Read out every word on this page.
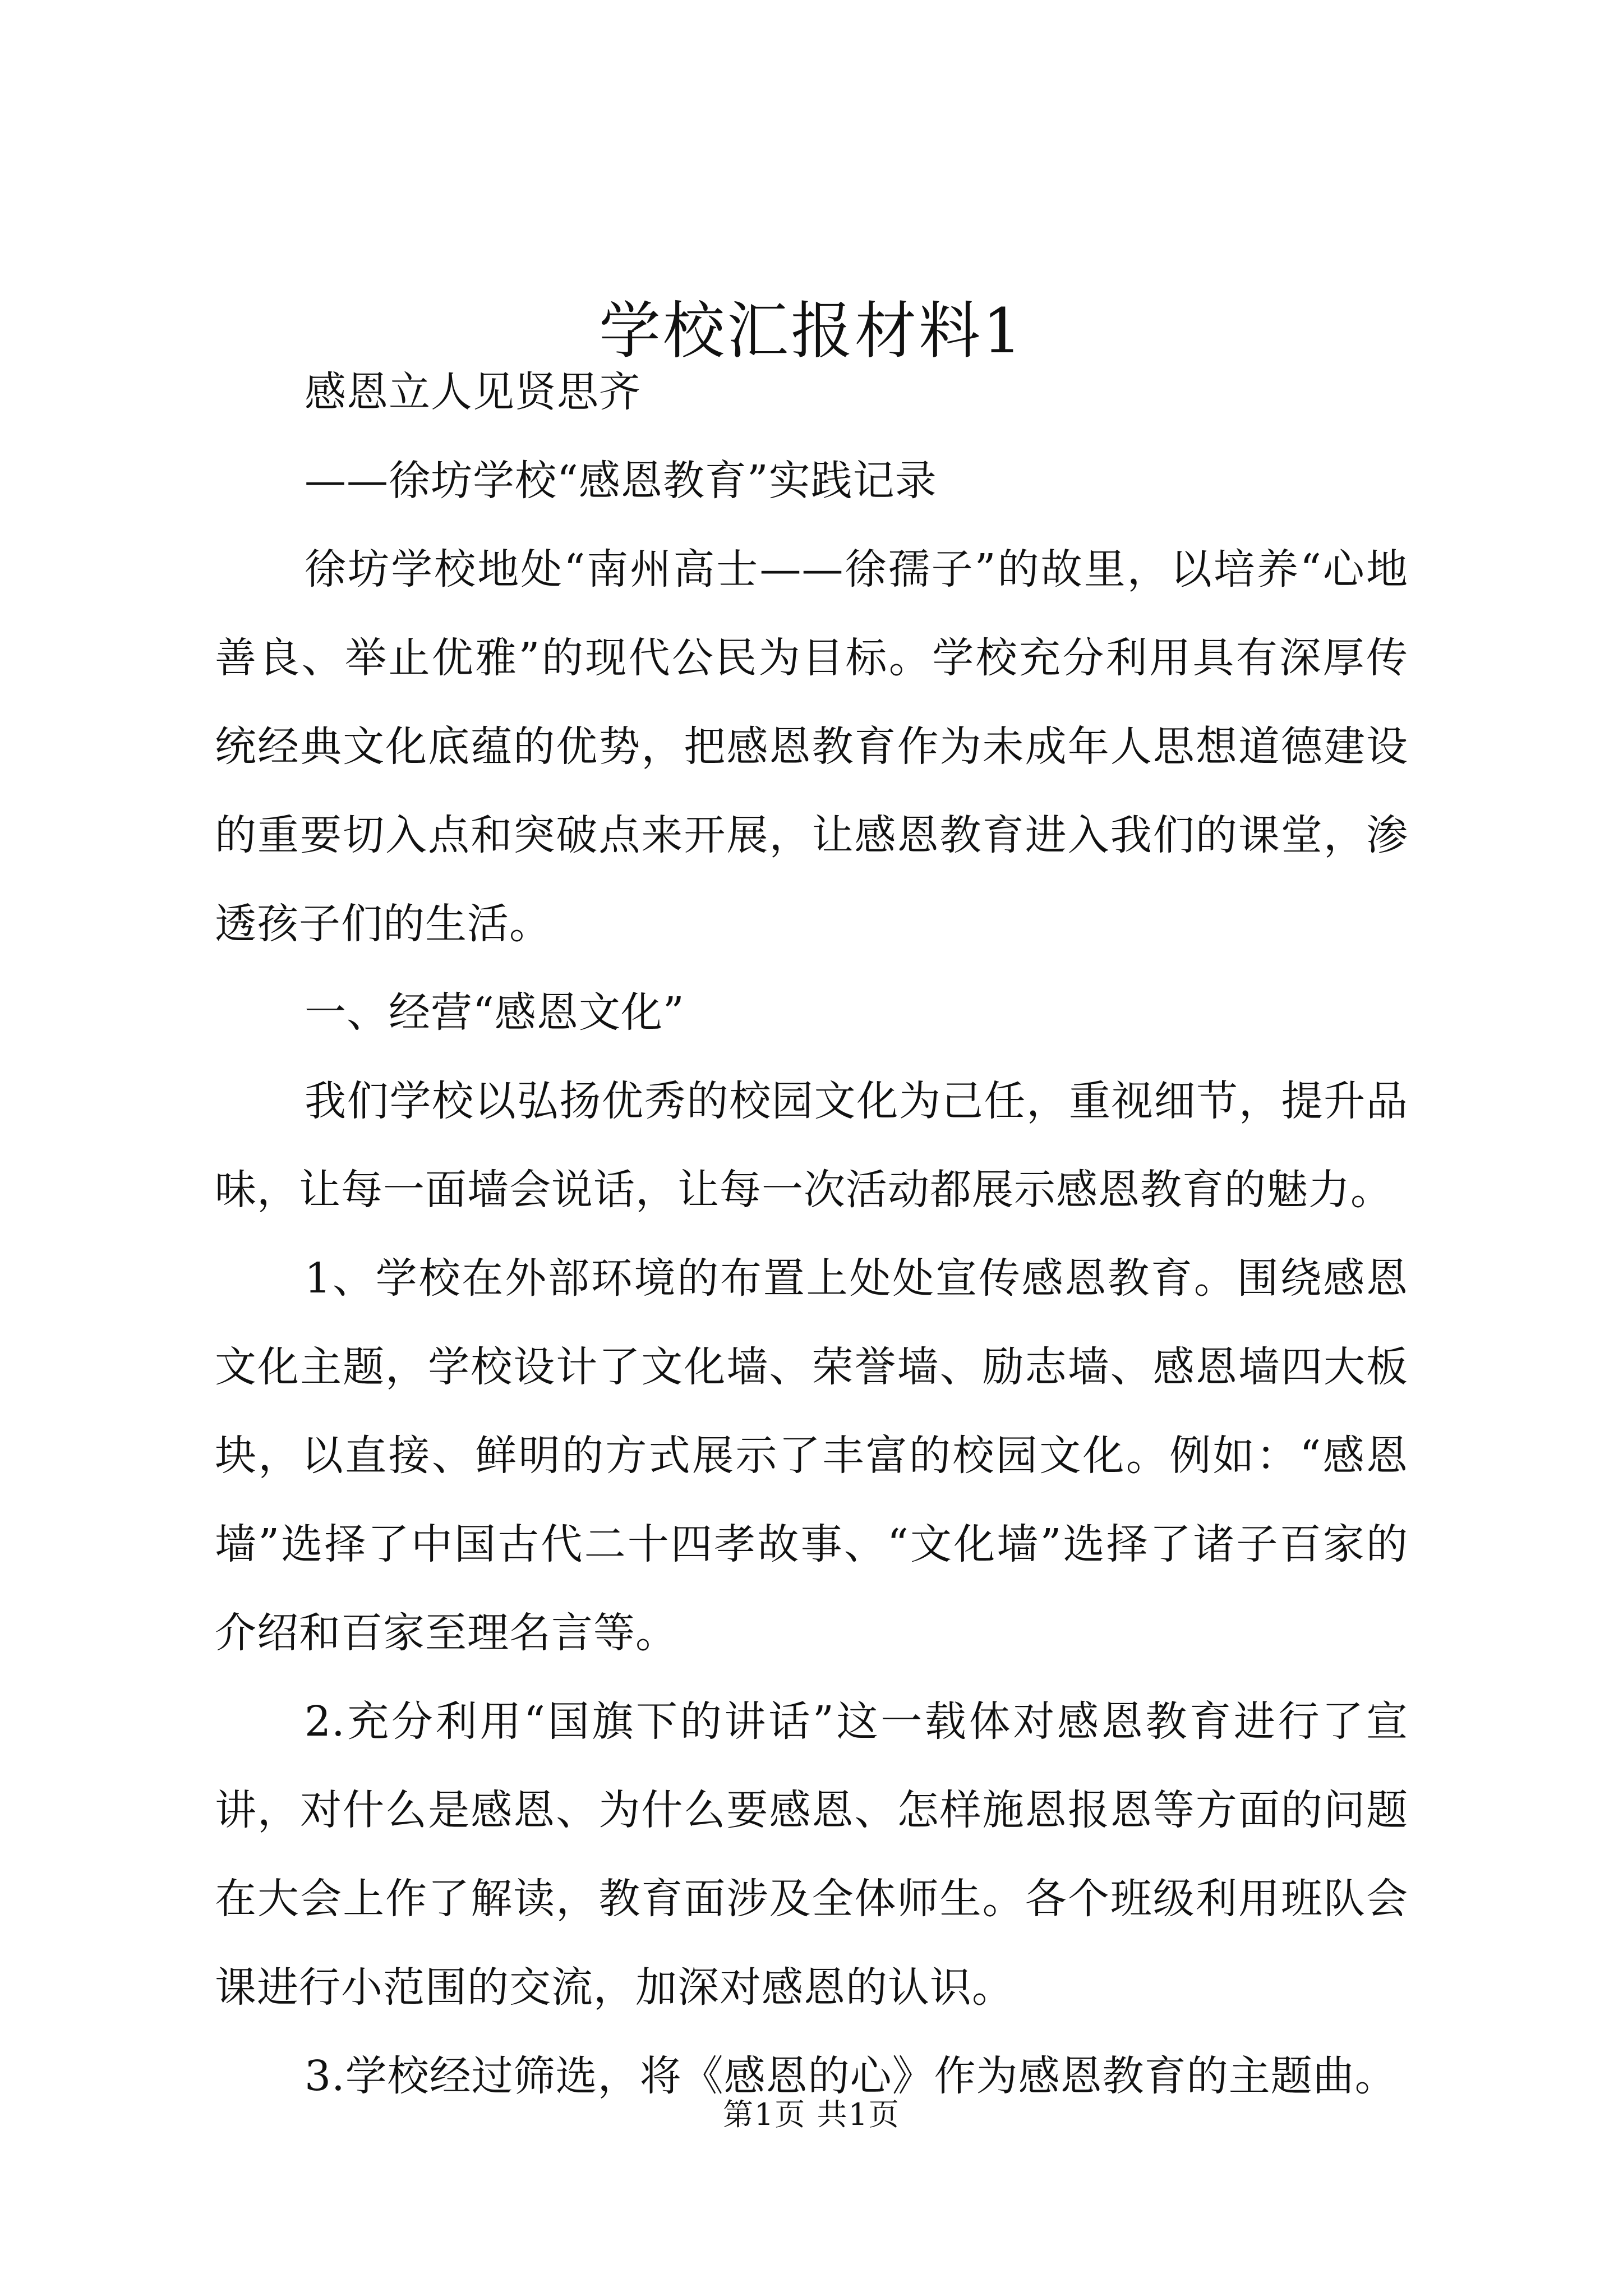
学校汇报材料1

感恩立人见贤思齐

——徐坊学校“感恩教育”实践记录

徐坊学校地处“南州高士——徐孺子”的故里，以培养“心地善良、举止优雅”的现代公民为目标。学校充分利用具有深厚传统经典文化底蕴的优势，把感恩教育作为未成年人思想道德建设的重要切入点和突破点来开展，让感恩教育进入我们的课堂，渗透孩子们的生活。

一、经营“感恩文化”

我们学校以弘扬优秀的校园文化为己任，重视细节，提升品味，让每一面墙会说话，让每一次活动都展示感恩教育的魅力。

1、学校在外部环境的布置上处处宣传感恩教育。围绕感恩文化主题，学校设计了文化墙、荣誉墙、励志墙、感恩墙四大板块，以直接、鲜明的方式展示了丰富的校园文化。例如：“感恩墙”选择了中国古代二十四孝故事、“文化墙”选择了诸子百家的介绍和百家至理名言等。

2.充分利用“国旗下的讲话”这一载体对感恩教育进行了宣讲，对什么是感恩、为什么要感恩、怎样施恩报恩等方面的问题在大会上作了解读，教育面涉及全体师生。各个班级利用班队会课进行小范围的交流，加深对感恩的认识。

3.学校经过筛选，将《感恩的心》作为感恩教育的主题曲。

第1页 共1页
